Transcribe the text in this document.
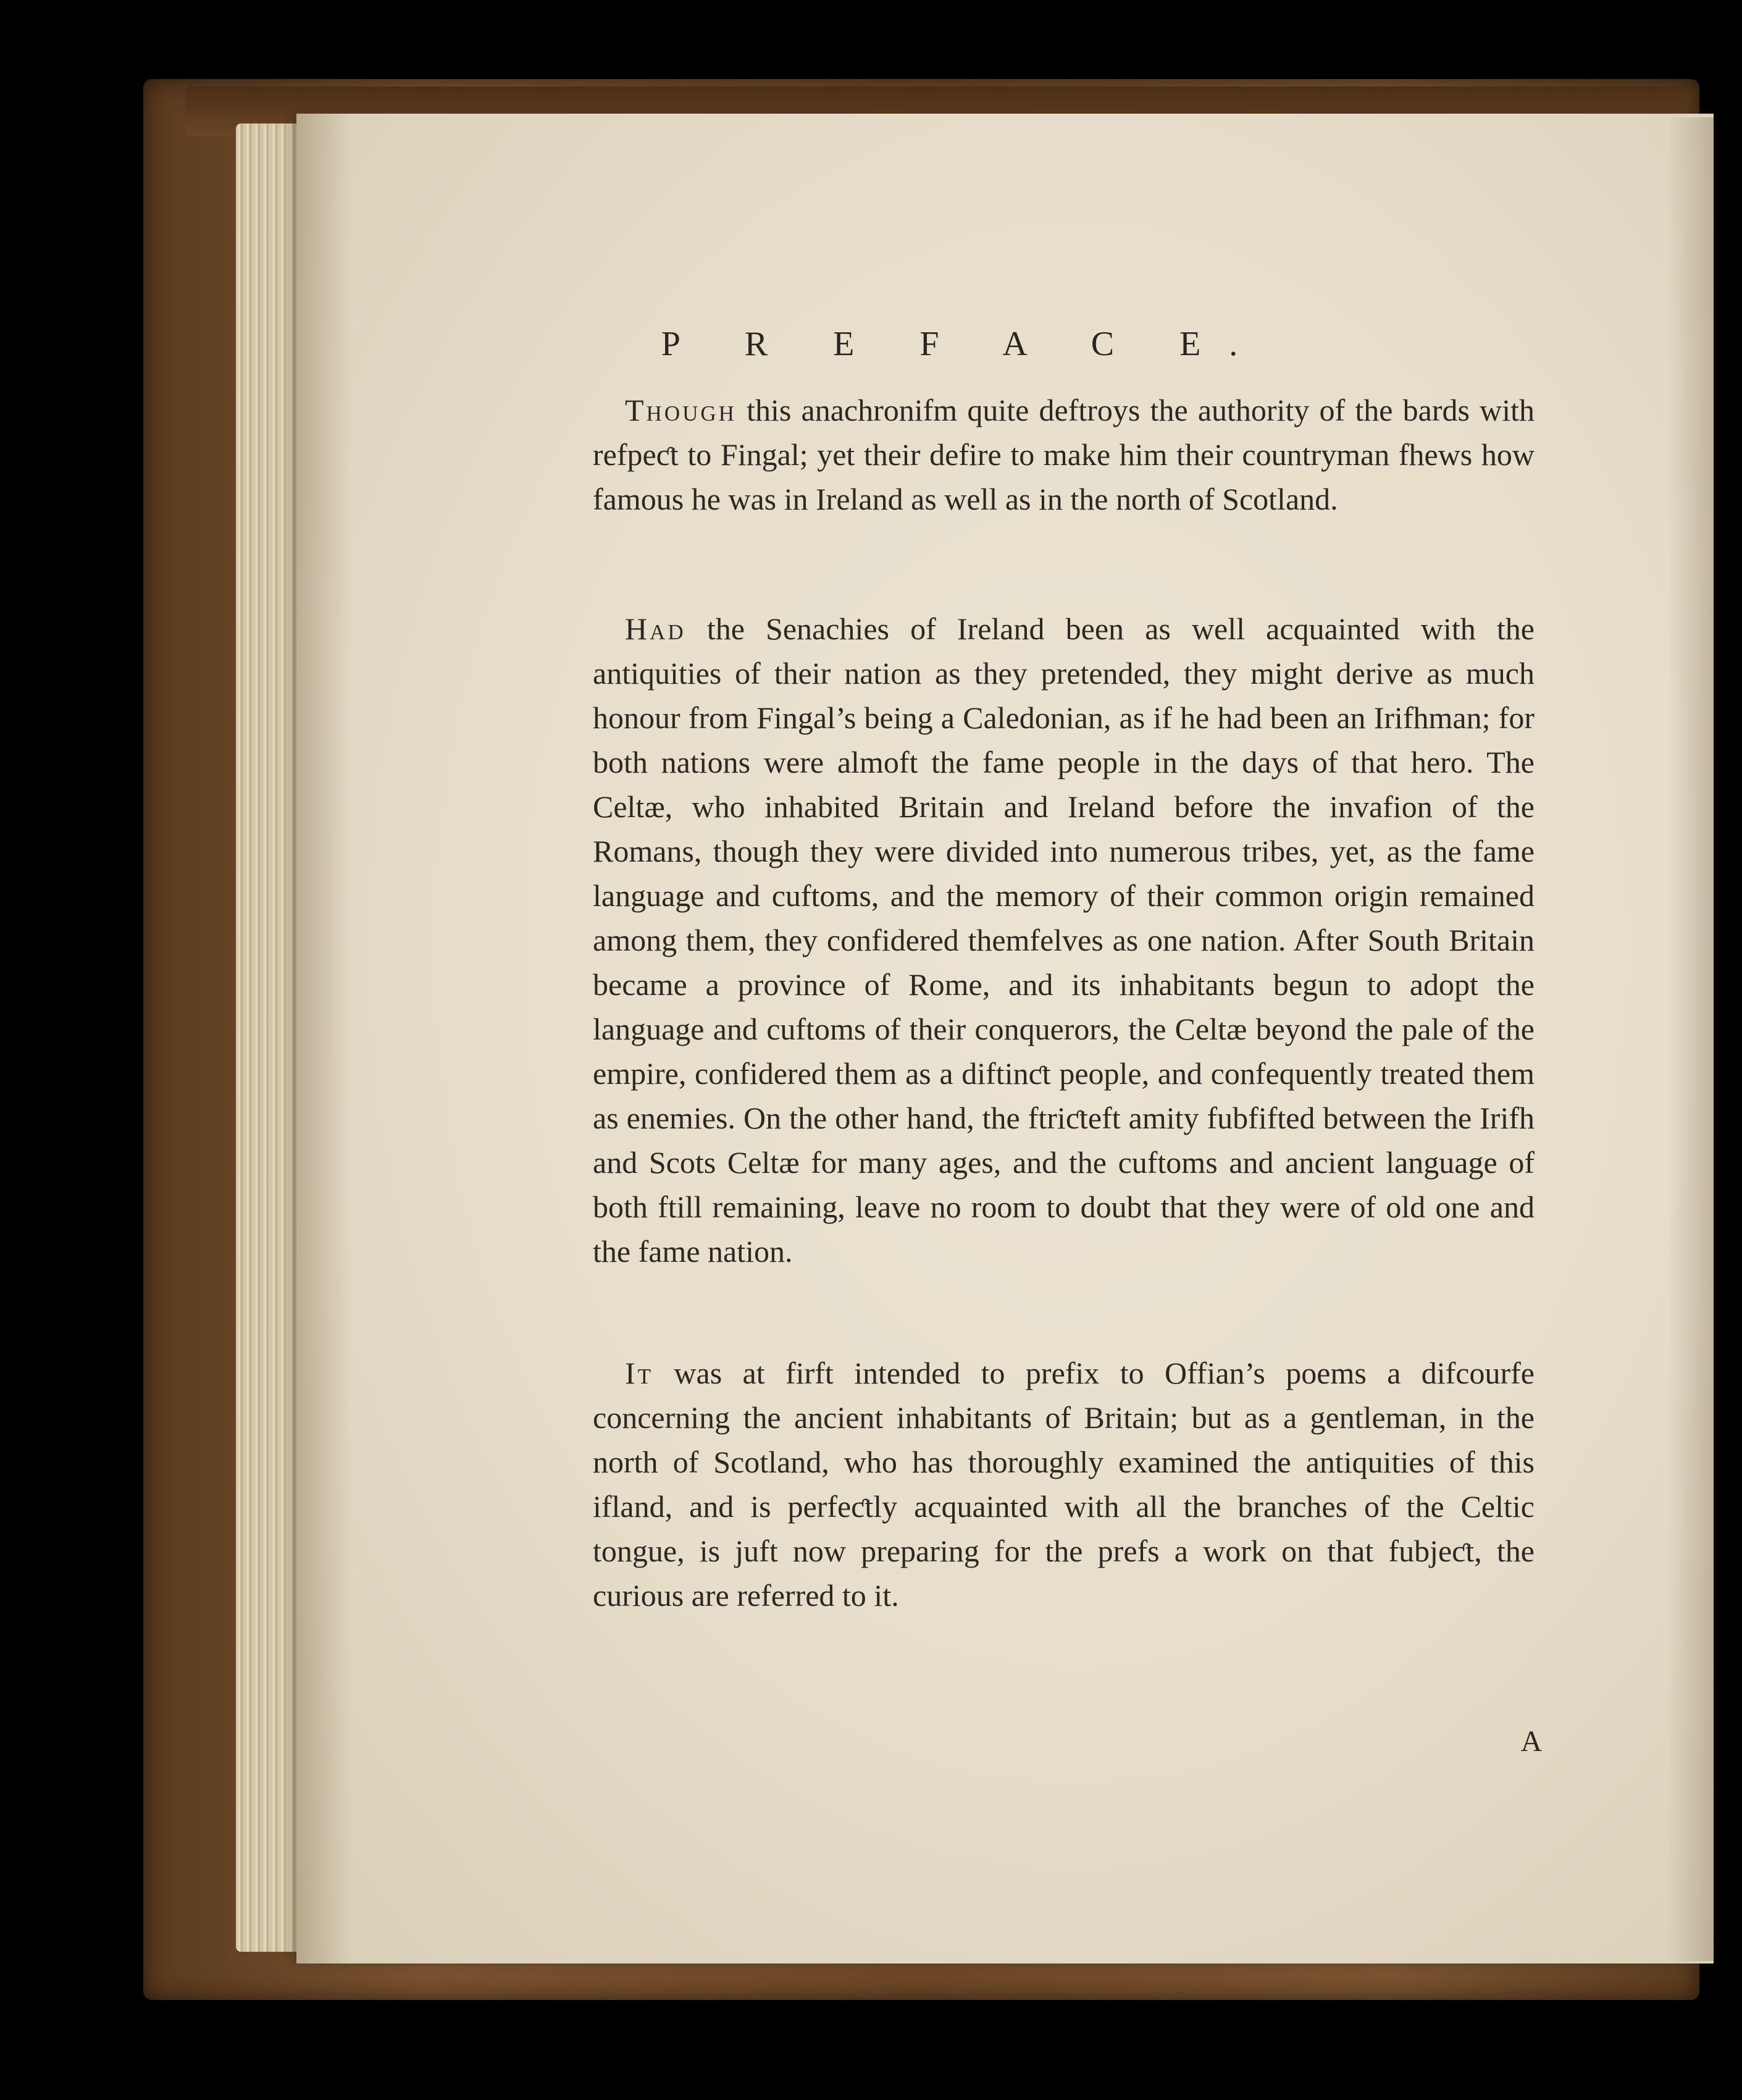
P R E F A C E.

Though this anachronifm quite deftroys the authority of the bards with refpeƈt to Fingal; yet their defire to make him their countryman fhews how famous he was in Ireland as well as in the north of Scotland.

Had the Senachies of Ireland been as well acquainted with the antiquities of their nation as they pretended, they might derive as much honour from Fingal’s being a Caledonian, as if he had been an Irifhman; for both nations were almoft the fame people in the days of that hero. The Celtæ, who inhabited Britain and Ireland before the invafion of the Romans, though they were divided into numerous tribes, yet, as the fame language and cuftoms, and the memory of their common origin remained among them, they confidered themfelves as one nation. After South Britain became a province of Rome, and its inhabitants begun to adopt the language and cuftoms of their conquerors, the Celtæ beyond the pale of the empire, confidered them as a diftinƈt people, and confequently treated them as enemies. On the other hand, the ftriƈteft amity fubfifted between the Irifh and Scots Celtæ for many ages, and the cuftoms and ancient language of both ftill remaining, leave no room to doubt that they were of old one and the fame nation.

It was at firft intended to prefix to Offian’s poems a difcourfe concerning the ancient inhabitants of Britain; but as a gentleman, in the north of Scotland, who has thoroughly examined the antiquities of this ifland, and is perfeƈtly acquainted with all the branches of the Celtic tongue, is juft now preparing for the prefs a work on that fubjeƈt, the curious are referred to it.

A
